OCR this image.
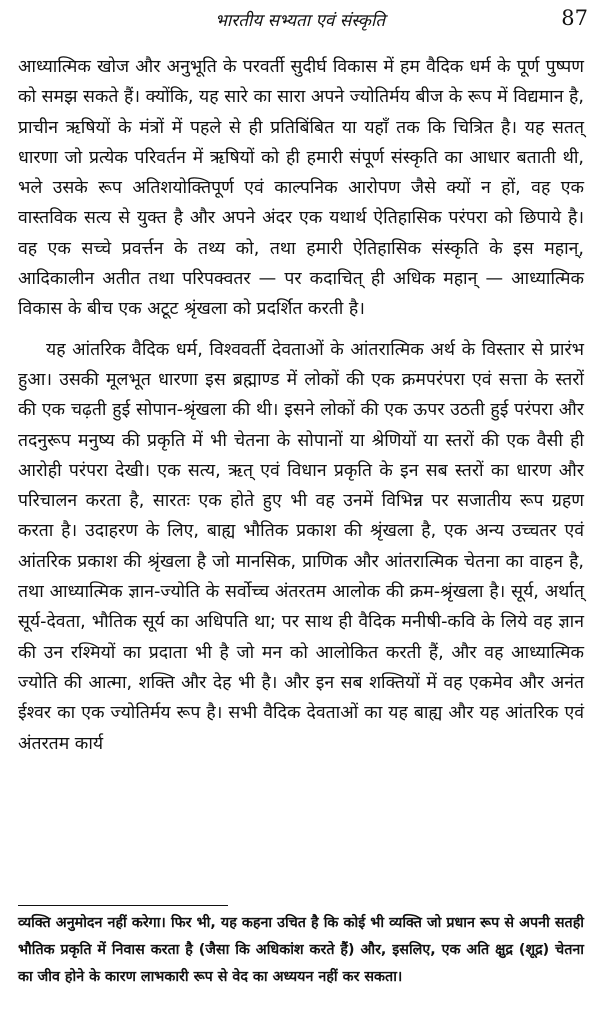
भारतीय सभ्यता एवं संस्कृति	87

आध्यात्मिक खोज और अनुभूति के परवर्ती सुदीर्घ विकास में हम वैदिक धर्म के पूर्ण पुष्पण को समझ सकते हैं। क्योंकि, यह सारे का सारा अपने ज्योतिर्मय बीज के रूप में विद्यमान है, प्राचीन ऋषियों के मंत्रों में पहले से ही प्रतिबिंबित या यहाँ तक कि चित्रित है। यह सतत् धारणा जो प्रत्येक परिवर्तन में ऋषियों को ही हमारी संपूर्ण संस्कृति का आधार बताती थी, भले उसके रूप अतिशयोक्तिपूर्ण एवं काल्पनिक आरोपण जैसे क्यों न हों, वह एक वास्तविक सत्य से युक्त है और अपने अंदर एक यथार्थ ऐतिहासिक परंपरा को छिपाये है। वह एक सच्चे प्रवर्त्तन के तथ्य को, तथा हमारी ऐतिहासिक संस्कृति के इस महान्, आदिकालीन अतीत तथा परिपक्वतर — पर कदाचित् ही अधिक महान् — आध्यात्मिक विकास के बीच एक अटूट श्रृंखला को प्रदर्शित करती है।

यह आंतरिक वैदिक धर्म, विश्ववर्ती देवताओं के आंतरात्मिक अर्थ के विस्तार से प्रारंभ हुआ। उसकी मूलभूत धारणा इस ब्रह्माण्ड में लोकों की एक क्रमपरंपरा एवं सत्ता के स्तरों की एक चढ़ती हुई सोपान-श्रृंखला की थी। इसने लोकों की एक ऊपर उठती हुई परंपरा और तदनुरूप मनुष्य की प्रकृति में भी चेतना के सोपानों या श्रेणियों या स्तरों की एक वैसी ही आरोही परंपरा देखी। एक सत्य, ऋत् एवं विधान प्रकृति के इन सब स्तरों का धारण और परिचालन करता है, सारतः एक होते हुए भी वह उनमें विभिन्न पर सजातीय रूप ग्रहण करता है। उदाहरण के लिए, बाह्य भौतिक प्रकाश की श्रृंखला है, एक अन्य उच्चतर एवं आंतरिक प्रकाश की श्रृंखला है जो मानसिक, प्राणिक और आंतरात्मिक चेतना का वाहन है, तथा आध्यात्मिक ज्ञान-ज्योति के सर्वोच्च अंतरतम आलोक की क्रम-श्रृंखला है। सूर्य, अर्थात् सूर्य-देवता, भौतिक सूर्य का अधिपति था; पर साथ ही वैदिक मनीषी-कवि के लिये वह ज्ञान की उन रश्मियों का प्रदाता भी है जो मन को आलोकित करती हैं, और वह आध्यात्मिक ज्योति की आत्मा, शक्ति और देह भी है। और इन सब शक्तियों में वह एकमेव और अनंत ईश्वर का एक ज्योतिर्मय रूप है। सभी वैदिक देवताओं का यह बाह्य और यह आंतरिक एवं अंतरतम कार्य

व्यक्ति अनुमोदन नहीं करेगा। फिर भी, यह कहना उचित है कि कोई भी व्यक्ति जो प्रधान रूप से अपनी सतही भौतिक प्रकृति में निवास करता है (जैसा कि अधिकांश करते हैं) और, इसलिए, एक अति क्षुद्र (शूद्र) चेतना का जीव होने के कारण लाभकारी रूप से वेद का अध्ययन नहीं कर सकता।
